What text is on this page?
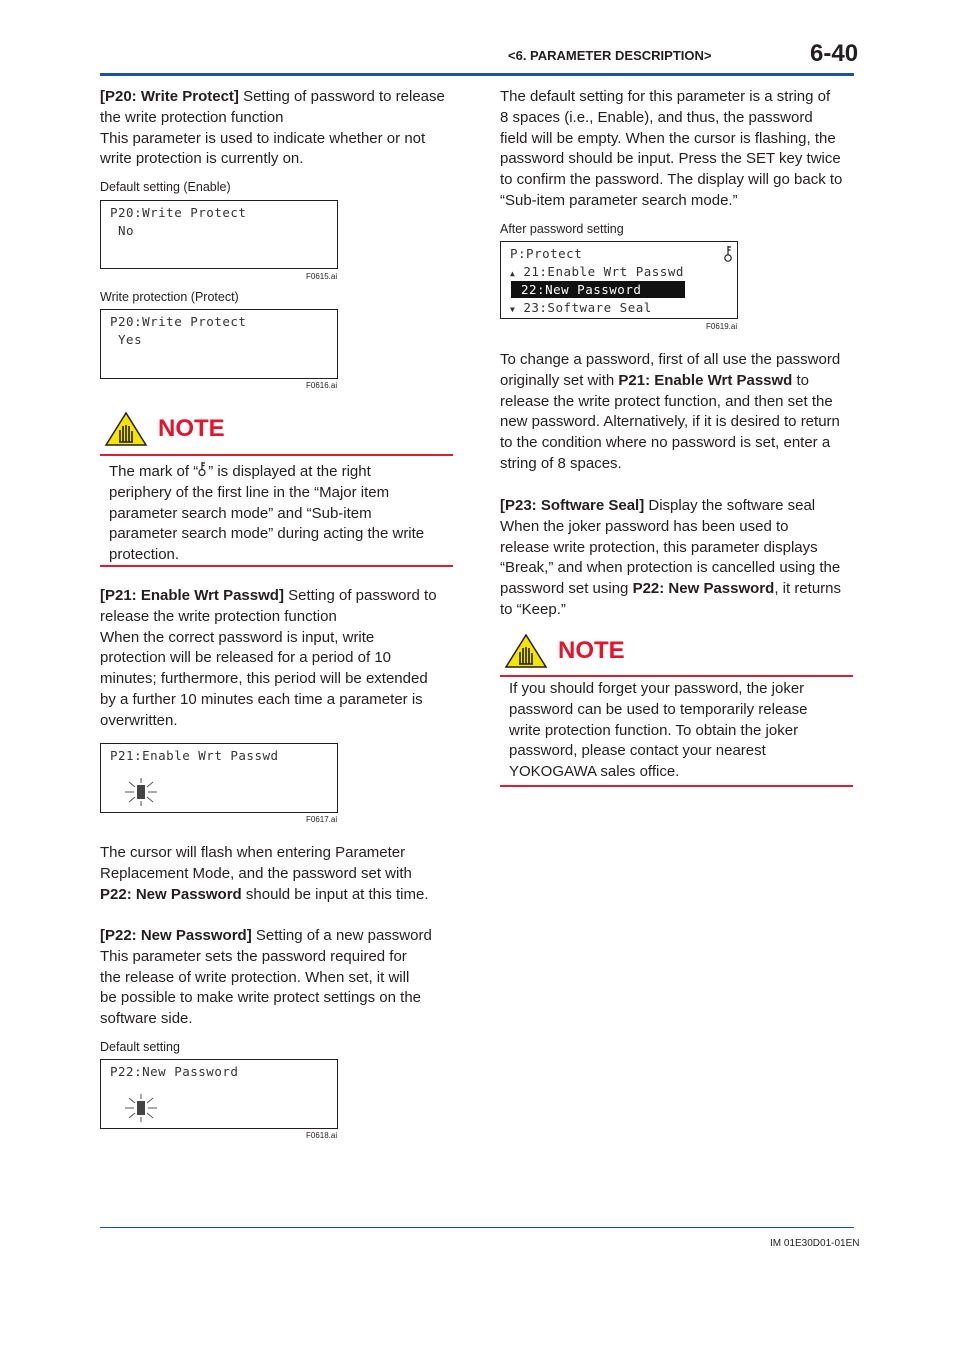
<6. PARAMETER DESCRIPTION>	6-40

[P20: Write Protect] Setting of password to release

the write protection function

This parameter is used to indicate whether or not

write protection is currently on.

Default setting (Enable)
P20:Write Protect
No
F0615.ai
Write protection (Protect)
P20:Write Protect
Yes
F0616.ai
NOTE

The mark of “ ” is displayed at the right

periphery of the first line in the “Major item

parameter search mode” and “Sub-item

parameter search mode” during acting the write

protection.

[P21: Enable Wrt Passwd] Setting of password to

release the write protection function

When the correct password is input, write

protection will be released for a period of 10

minutes; furthermore, this period will be extended

by a further 10 minutes each time a parameter is

overwritten.

P21:Enable Wrt Passwd
F0617.ai

The cursor will flash when entering Parameter

Replacement Mode, and the password set with

P22: New Password should be input at this time.

[P22: New Password] Setting of a new password

This parameter sets the password required for

the release of write protection. When set, it will

be possible to make write protect settings on the

software side.

Default setting
P22:New Password
F0618.ai

The default setting for this parameter is a string of

8 spaces (i.e., Enable), and thus, the password

field will be empty. When the cursor is flashing, the

password should be input. Press the SET key twice

to confirm the password. The display will go back to

“Sub-item parameter search mode.”

After password setting
P:Protect
▲ 21:Enable Wrt Passwd
22:New Password
▼ 23:Software Seal
F0619.ai

To change a password, first of all use the password

originally set with P21: Enable Wrt Passwd to

release the write protect function, and then set the

new password. Alternatively, if it is desired to return

to the condition where no password is set, enter a

string of 8 spaces.

[P23: Software Seal] Display the software seal

When the joker password has been used to

release write protection, this parameter displays

“Break,” and when protection is cancelled using the

password set using P22: New Password, it returns

to “Keep.”

NOTE

If you should forget your password, the joker

password can be used to temporarily release

write protection function. To obtain the joker

password, please contact your nearest

YOKOGAWA sales office.

IM 01E30D01-01EN
